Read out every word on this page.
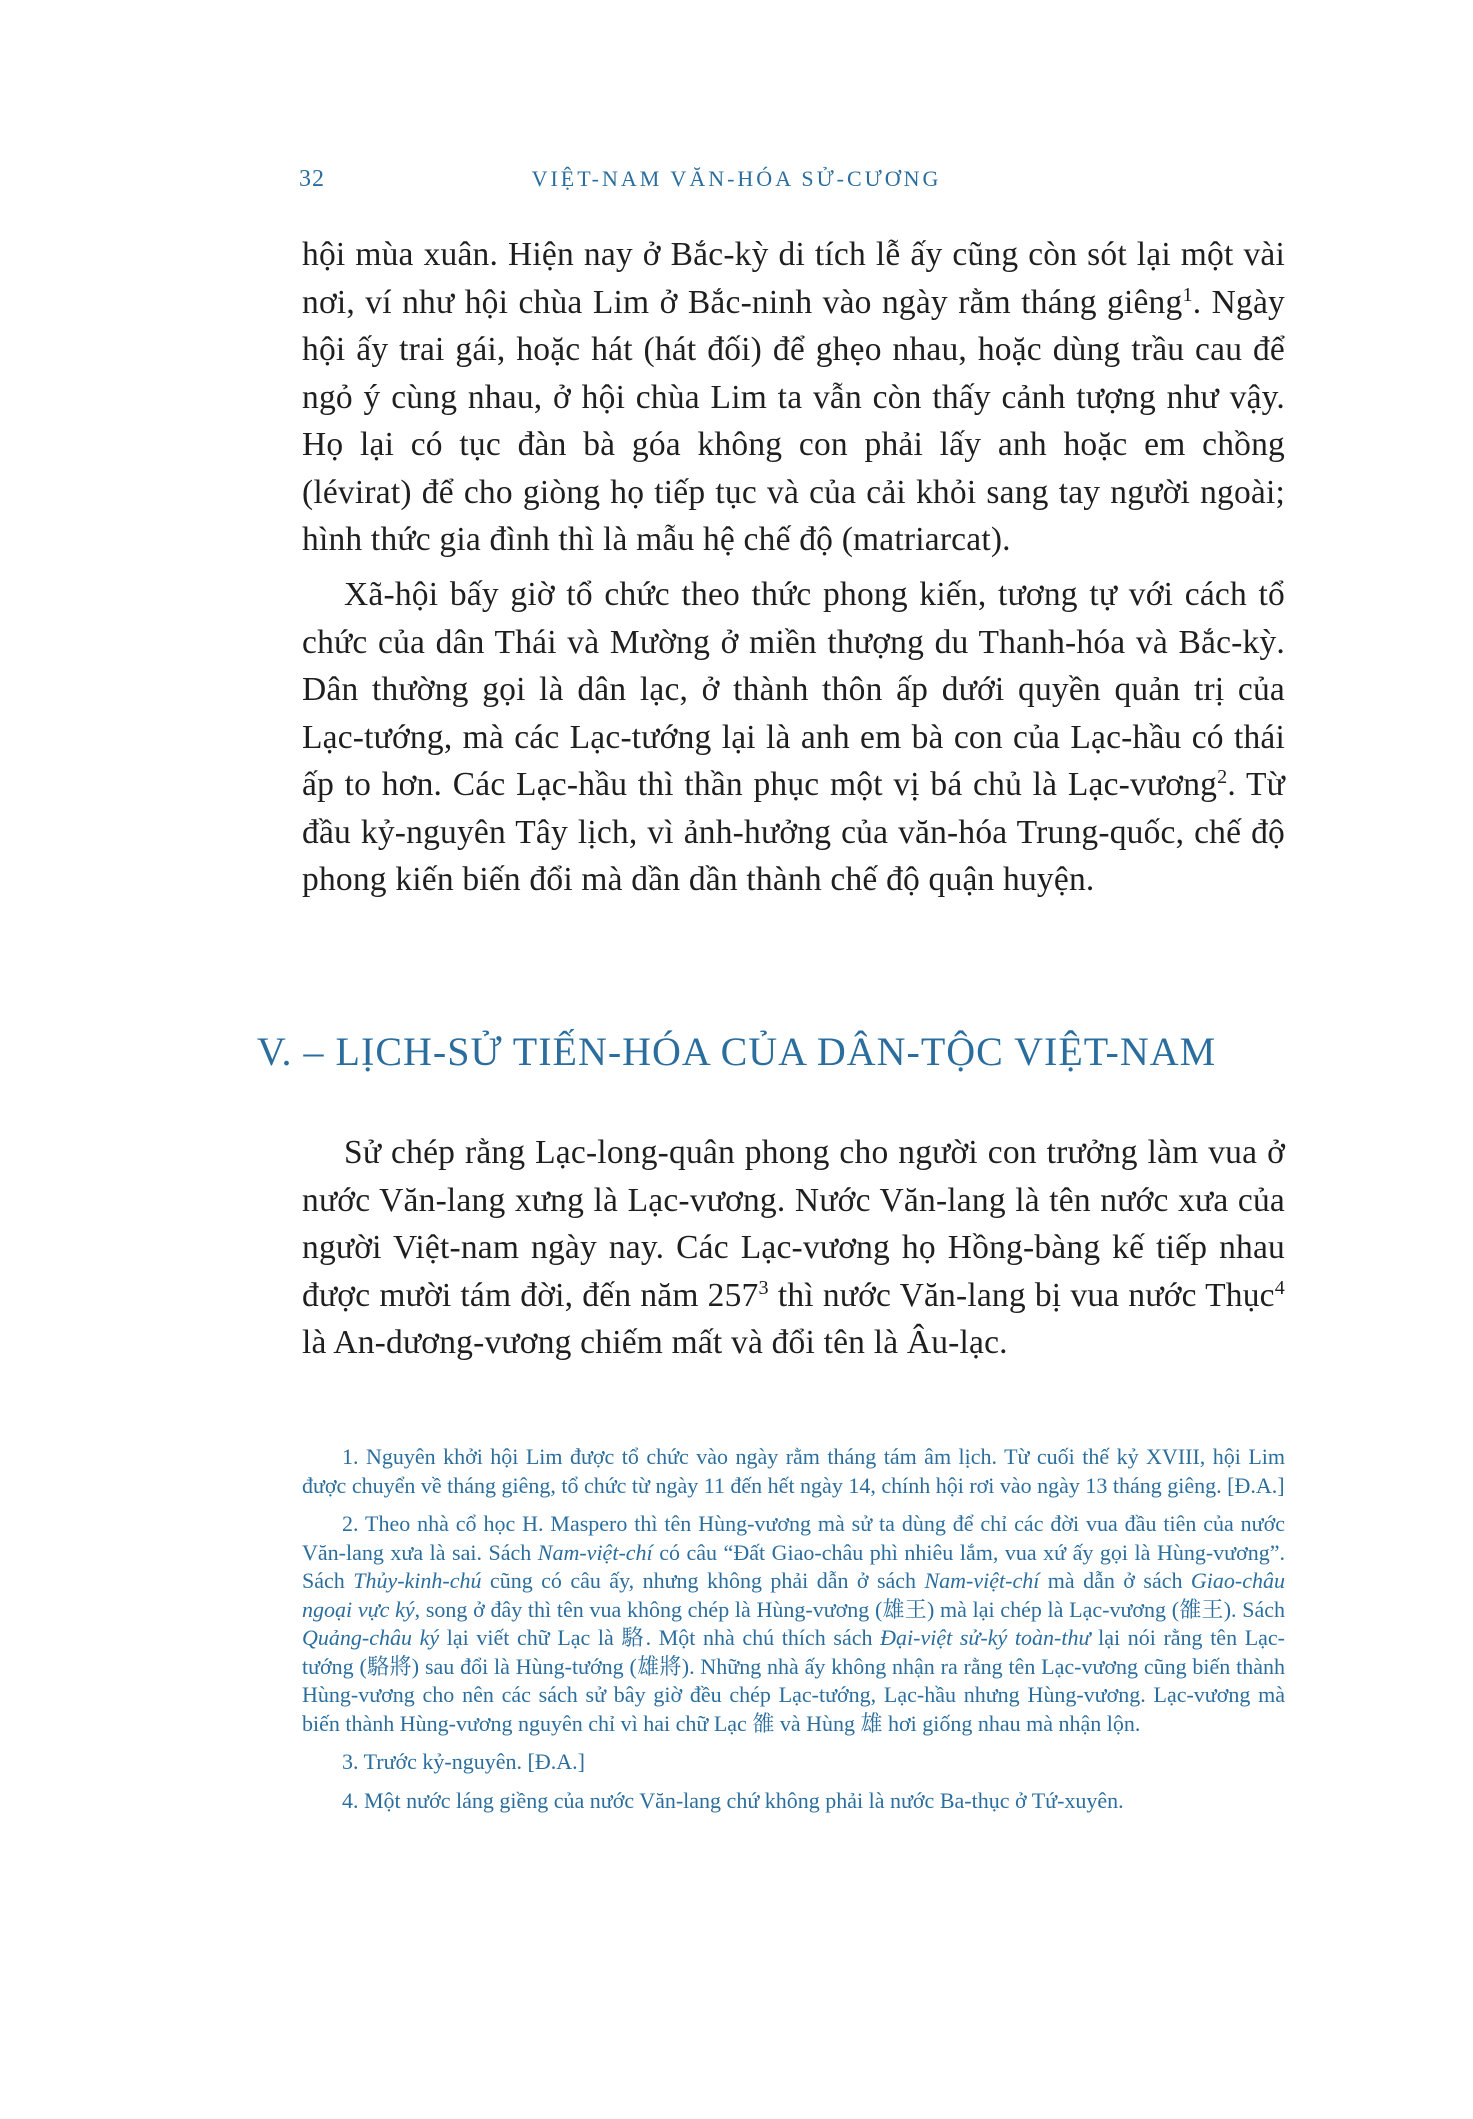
32	VIỆT-NAM VĂN-HÓA SỬ-CƯƠNG

hội mùa xuân. Hiện nay ở Bắc-kỳ di tích lễ ấy cũng còn sót lại một vài nơi, ví như hội chùa Lim ở Bắc-ninh vào ngày rằm tháng giêng$^1$. Ngày hội ấy trai gái, hoặc hát (hát đối) để ghẹo nhau, hoặc dùng trầu cau để ngỏ ý cùng nhau, ở hội chùa Lim ta vẫn còn thấy cảnh tượng như vậy. Họ lại có tục đàn bà góa không con phải lấy anh hoặc em chồng (lévirat) để cho giòng họ tiếp tục và của cải khỏi sang tay người ngoài; hình thức gia đình thì là mẫu hệ chế độ (matriarcat).

Xã-hội bấy giờ tổ chức theo thức phong kiến, tương tự với cách tổ chức của dân Thái và Mường ở miền thượng du Thanh-hóa và Bắc-kỳ. Dân thường gọi là dân lạc, ở thành thôn ấp dưới quyền quản trị của Lạc-tướng, mà các Lạc-tướng lại là anh em bà con của Lạc-hầu có thái ấp to hơn. Các Lạc-hầu thì thần phục một vị bá chủ là Lạc-vương$^2$. Từ đầu kỷ-nguyên Tây lịch, vì ảnh-hưởng của văn-hóa Trung-quốc, chế độ phong kiến biến đổi mà dần dần thành chế độ quận huyện.

V. – LỊCH-SỬ TIẾN-HÓA CỦA DÂN-TỘC VIỆT-NAM

Sử chép rằng Lạc-long-quân phong cho người con trưởng làm vua ở nước Văn-lang xưng là Lạc-vương. Nước Văn-lang là tên nước xưa của người Việt-nam ngày nay. Các Lạc-vương họ Hồng-bàng kế tiếp nhau được mười tám đời, đến năm $257^3$ thì nước Văn-lang bị vua nước Thục$^4$ là An-dương-vương chiếm mất và đổi tên là Âu-lạc.

1. Nguyên khởi hội Lim được tổ chức vào ngày rằm tháng tám âm lịch. Từ cuối thế kỷ XVIII, hội Lim được chuyển về tháng giêng, tổ chức từ ngày 11 đến hết ngày 14, chính hội rơi vào ngày 13 tháng giêng. [Đ.A.]

2. Theo nhà cổ học H. Maspero thì tên Hùng-vương mà sử ta dùng để chỉ các đời vua đầu tiên của nước Văn-lang xưa là sai. Sách Nam-việt-chí có câu “Đất Giao-châu phì nhiêu lắm, vua xứ ấy gọi là Hùng-vương”. Sách Thủy-kinh-chú cũng có câu ấy, nhưng không phải dẫn ở sách Nam-việt-chí mà dẫn ở sách Giao-châu ngoại vực ký, song ở đây thì tên vua không chép là Hùng-vương (雄王) mà lại chép là Lạc-vương (雒王). Sách Quảng-châu ký lại viết chữ Lạc là 駱. Một nhà chú thích sách Đại-việt sử-ký toàn-thư lại nói rằng tên Lạc-tướng (駱將) sau đổi là Hùng-tướng (雄將). Những nhà ấy không nhận ra rằng tên Lạc-vương cũng biến thành Hùng-vương cho nên các sách sử bây giờ đều chép Lạc-tướng, Lạc-hầu nhưng Hùng-vương. Lạc-vương mà biến thành Hùng-vương nguyên chỉ vì hai chữ Lạc 雒 và Hùng 雄 hơi giống nhau mà nhận lộn.

3. Trước kỷ-nguyên. [Đ.A.]

4. Một nước láng giềng của nước Văn-lang chứ không phải là nước Ba-thục ở Tứ-xuyên.
